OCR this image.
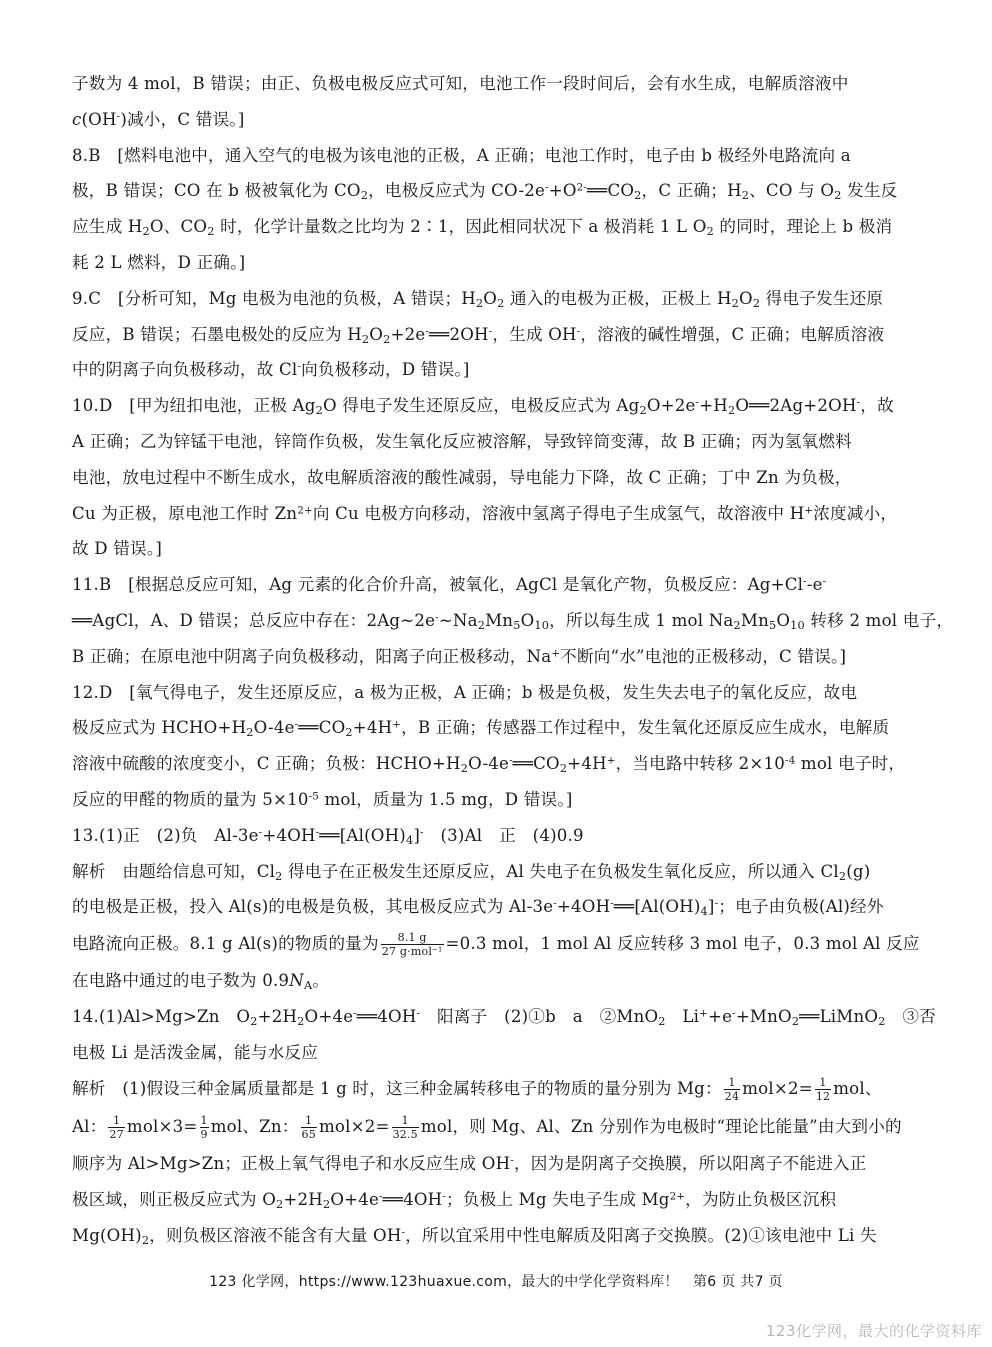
子数为 4 mol，B 错误；由正、负极电极反应式可知，电池工作一段时间后，会有水生成，电解质溶液中
c(OH-)减小，C 错误。]
8.B　[燃料电池中，通入空气的电极为该电池的正极，A 正确；电池工作时，电子由 b 极经外电路流向 a
极，B 错误；CO 在 b 极被氧化为 $CO_2$，电极反应式为 $CO-2e^-+O^{2-}══CO_2$，C 正确；$H_2$、CO 与 $O_2$ 发生反
应生成 $H_2O$、$CO_2$ 时，化学计量数之比均为 2∶1，因此相同状况下 a 极消耗 1 L $O_2$ 的同时，理论上 b 极消
耗 2 L 燃料，D 正确。]
9.C　[分析可知，Mg 电极为电池的负极，A 错误；$H_2O_2$ 通入的电极为正极，正极上 $H_2O_2$ 得电子发生还原
反应，B 错误；石墨电极处的反应为 $H_2O_2+2e^-══2OH^-$，生成 OH-，溶液的碱性增强，C 正确；电解质溶液
中的阴离子向负极移动，故 Cl-向负极移动，D 错误。]
10.D　[甲为纽扣电池，正极 $Ag_2O$ 得电子发生还原反应，电极反应式为 $Ag_2O+2e^-+H_2O══2Ag+2OH^-$，故
A 正确；乙为锌锰干电池，锌筒作负极，发生氧化反应被溶解，导致锌筒变薄，故 B 正确；丙为氢氧燃料
电池，放电过程中不断生成水，故电解质溶液的酸性减弱，导电能力下降，故 C 正确；丁中 Zn 为负极，
Cu 为正极，原电池工作时 $Zn^{2+}$向 Cu 电极方向移动，溶液中氢离子得电子生成氢气，故溶液中 H+浓度减小，
故 D 错误。]
11.B　[根据总反应可知，Ag 元素的化合价升高，被氧化，AgCl 是氧化产物，负极反应：Ag+Cl--e-
══AgCl，A、D 错误；总反应中存在：$2Ag\sim 2e^-\sim Na_2Mn_5O_{10}$，所以每生成 1 mol $Na_2Mn_5O_{10}$ 转移 2 mol 电子，
B 正确；在原电池中阴离子向负极移动，阳离子向正极移动，Na+不断向“水”电池的正极移动，C 错误。]
12.D　[氧气得电子，发生还原反应，a 极为正极，A 正确；b 极是负极，发生失去电子的氧化反应，故电
极反应式为 $HCHO+H_2O-4e^-══CO_2+4H^+$，B 正确；传感器工作过程中，发生氧化还原反应生成水，电解质
溶液中硫酸的浓度变小，C 正确；负极：$HCHO+H_2O-4e^-══CO_2+4H^+$，当电路中转移 $2\times 10^{-4}$ mol 电子时，
反应的甲醛的物质的量为 $5\times 10^{-5}$ mol，质量为 1.5 mg，D 错误。]
13.(1)正　(2)负　$Al-3e^-+4OH^-══[Al(OH)_4]^-$　(3)Al　正　(4)0.9
解析　由题给信息可知，$Cl_2$ 得电子在正极发生还原反应，Al 失电子在负极发生氧化反应，所以通入 $Cl_2(g)$
的电极是正极，投入 Al(s)的电极是负极，其电极反应式为 $Al-3e^-+4OH^-══[Al(OH)_4]^-$；电子由负极(Al)经外
电路流向正极。8.1 g Al(s)的物质的量为	8.1 g
27 g·mol$^{-1}$ =0.3 mol，1 mol Al 反应转移 3 mol 电子，0.3 mol Al 反应
在电路中通过的电子数为 $0.9N_A$。
14.(1)Al>Mg>Zn　$O_2+2H_2O+4e^-══4OH^-$　阳离子　(2)①b　a　②MnO$_2$　Li++e-+MnO$_2$══LiMnO$_2$　③否
电极 Li 是活泼金属，能与水反应
解析　(1)假设三种金属质量都是 1 g 时，这三种金属转移电子的物质的量分别为 Mg： $\frac{1}{24} mol\times 2= \frac{1}{12}$ mol、
Al： $\frac{1}{27} mol\times 3= \frac{1}{9}$ mol、Zn： $\frac{1}{65} mol\times 2= \frac{1}{32.5}$ mol，则 Mg、Al、Zn 分别作为电极时“理论比能量”由大到小的
顺序为 Al>Mg>Zn；正极上氧气得电子和水反应生成 OH-，因为是阴离子交换膜，所以阳离子不能进入正
极区域，则正极反应式为 $O_2+2H_2O+4e^-══4OH^-$；负极上 Mg 失电子生成 $Mg^{2+}$，为防止负极区沉积
$Mg(OH)_2$，则负极区溶液不能含有大量 OH-，所以宜采用中性电解质及阳离子交换膜。(2)①该电池中 Li 失
123 化学网，https://www.123huaxue.com，最大的中学化学资料库！　第6 页 共7 页
123化学网，最大的化学资料库
